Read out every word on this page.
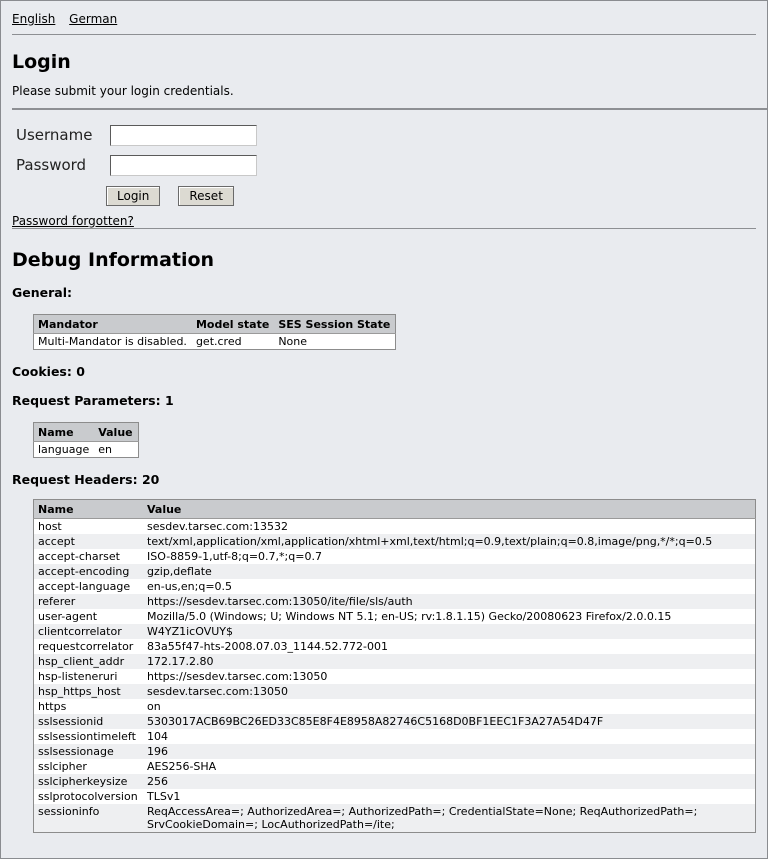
English German
Login
Please submit your login credentials.
Username
Password
Login	Reset
Password forgotten?
Debug Information
General:
Mandator	Model state	SES Session State
Multi-Mandator is disabled.	get.cred	None
Cookies: 0
Request Parameters: 1
Name	Value
language	en
Request Headers: 20
Name	Value
host	sesdev.tarsec.com:13532
accept	text/xml,application/xml,application/xhtml+xml,text/html;q=0.9,text/plain;q=0.8,image/png,*/*;q=0.5
accept-charset	ISO-8859-1,utf-8;q=0.7,*;q=0.7
accept-encoding	gzip,deflate
accept-language	en-us,en;q=0.5
referer	https://sesdev.tarsec.com:13050/ite/file/sls/auth
user-agent	Mozilla/5.0 (Windows; U; Windows NT 5.1; en-US; rv:1.8.1.15) Gecko/20080623 Firefox/2.0.0.15
clientcorrelator	W4YZ1icOVUY$
requestcorrelator	83a55f47-hts-2008.07.03_1144.52.772-001
hsp_client_addr	172.17.2.80
hsp-listeneruri	https://sesdev.tarsec.com:13050
hsp_https_host	sesdev.tarsec.com:13050
https	on
sslsessionid	5303017ACB69BC26ED33C85E8F4E8958A82746C5168D0BF1EEC1F3A27A54D47F
sslsessiontimeleft	104
sslsessionage	196
sslcipher	AES256-SHA
sslcipherkeysize	256
sslprotocolversion	TLSv1
sessioninfo	ReqAccessArea=; AuthorizedArea=; AuthorizedPath=; CredentialState=None; ReqAuthorizedPath=; SrvCookieDomain=; LocAuthorizedPath=/ite;
